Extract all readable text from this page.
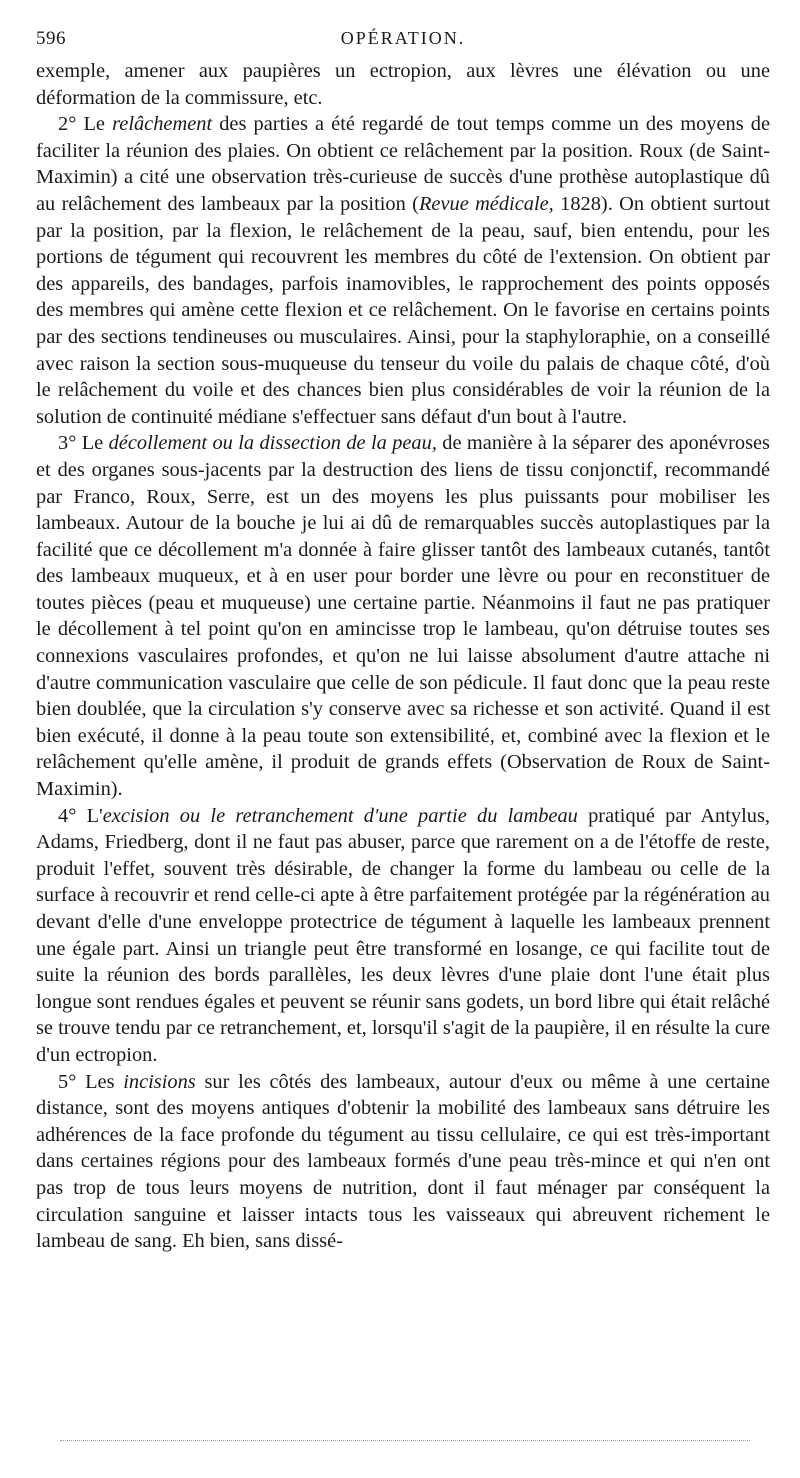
596	OPÉRATION.

exemple, amener aux paupières un ectropion, aux lèvres une élévation ou une déformation de la commissure, etc.

2° Le relâchement des parties a été regardé de tout temps comme un des moyens de faciliter la réunion des plaies. On obtient ce relâchement par la position. Roux (de Saint-Maximin) a cité une observation très-curieuse de succès d'une prothèse autoplastique dû au relâchement des lambeaux par la position (Revue médicale, 1828). On obtient surtout par la position, par la flexion, le relâchement de la peau, sauf, bien entendu, pour les portions de tégument qui recouvrent les membres du côté de l'extension. On obtient par des appareils, des bandages, parfois inamovibles, le rapprochement des points opposés des membres qui amène cette flexion et ce relâchement. On le favorise en certains points par des sections tendineuses ou musculaires. Ainsi, pour la staphyloraphie, on a conseillé avec raison la section sous-muqueuse du tenseur du voile du palais de chaque côté, d'où le relâchement du voile et des chances bien plus considérables de voir la réunion de la solution de continuité médiane s'effectuer sans défaut d'un bout à l'autre.

3° Le décollement ou la dissection de la peau, de manière à la séparer des aponévroses et des organes sous-jacents par la destruction des liens de tissu conjonctif, recommandé par Franco, Roux, Serre, est un des moyens les plus puissants pour mobiliser les lambeaux. Autour de la bouche je lui ai dû de remarquables succès autoplastiques par la facilité que ce décollement m'a donnée à faire glisser tantôt des lambeaux cutanés, tantôt des lambeaux muqueux, et à en user pour border une lèvre ou pour en reconstituer de toutes pièces (peau et muqueuse) une certaine partie. Néanmoins il faut ne pas pratiquer le décollement à tel point qu'on en amincisse trop le lambeau, qu'on détruise toutes ses connexions vasculaires profondes, et qu'on ne lui laisse absolument d'autre attache ni d'autre communication vasculaire que celle de son pédicule. Il faut donc que la peau reste bien doublée, que la circulation s'y conserve avec sa richesse et son activité. Quand il est bien exécuté, il donne à la peau toute son extensibilité, et, combiné avec la flexion et le relâchement qu'elle amène, il produit de grands effets (Observation de Roux de Saint-Maximin).

4° L'excision ou le retranchement d'une partie du lambeau pratiqué par Antylus, Adams, Friedberg, dont il ne faut pas abuser, parce que rarement on a de l'étoffe de reste, produit l'effet, souvent très désirable, de changer la forme du lambeau ou celle de la surface à recouvrir et rend celle-ci apte à être parfaitement protégée par la régénération au devant d'elle d'une enveloppe protectrice de tégument à laquelle les lambeaux prennent une égale part. Ainsi un triangle peut être transformé en losange, ce qui facilite tout de suite la réunion des bords parallèles, les deux lèvres d'une plaie dont l'une était plus longue sont rendues égales et peuvent se réunir sans godets, un bord libre qui était relâché se trouve tendu par ce retranchement, et, lorsqu'il s'agit de la paupière, il en résulte la cure d'un ectropion.

5° Les incisions sur les côtés des lambeaux, autour d'eux ou même à une certaine distance, sont des moyens antiques d'obtenir la mobilité des lambeaux sans détruire les adhérences de la face profonde du tégument au tissu cellulaire, ce qui est très-important dans certaines régions pour des lambeaux formés d'une peau très-mince et qui n'en ont pas trop de tous leurs moyens de nutrition, dont il faut ménager par conséquent la circulation sanguine et laisser intacts tous les vaisseaux qui abreuvent richement le lambeau de sang. Eh bien, sans dissé-
